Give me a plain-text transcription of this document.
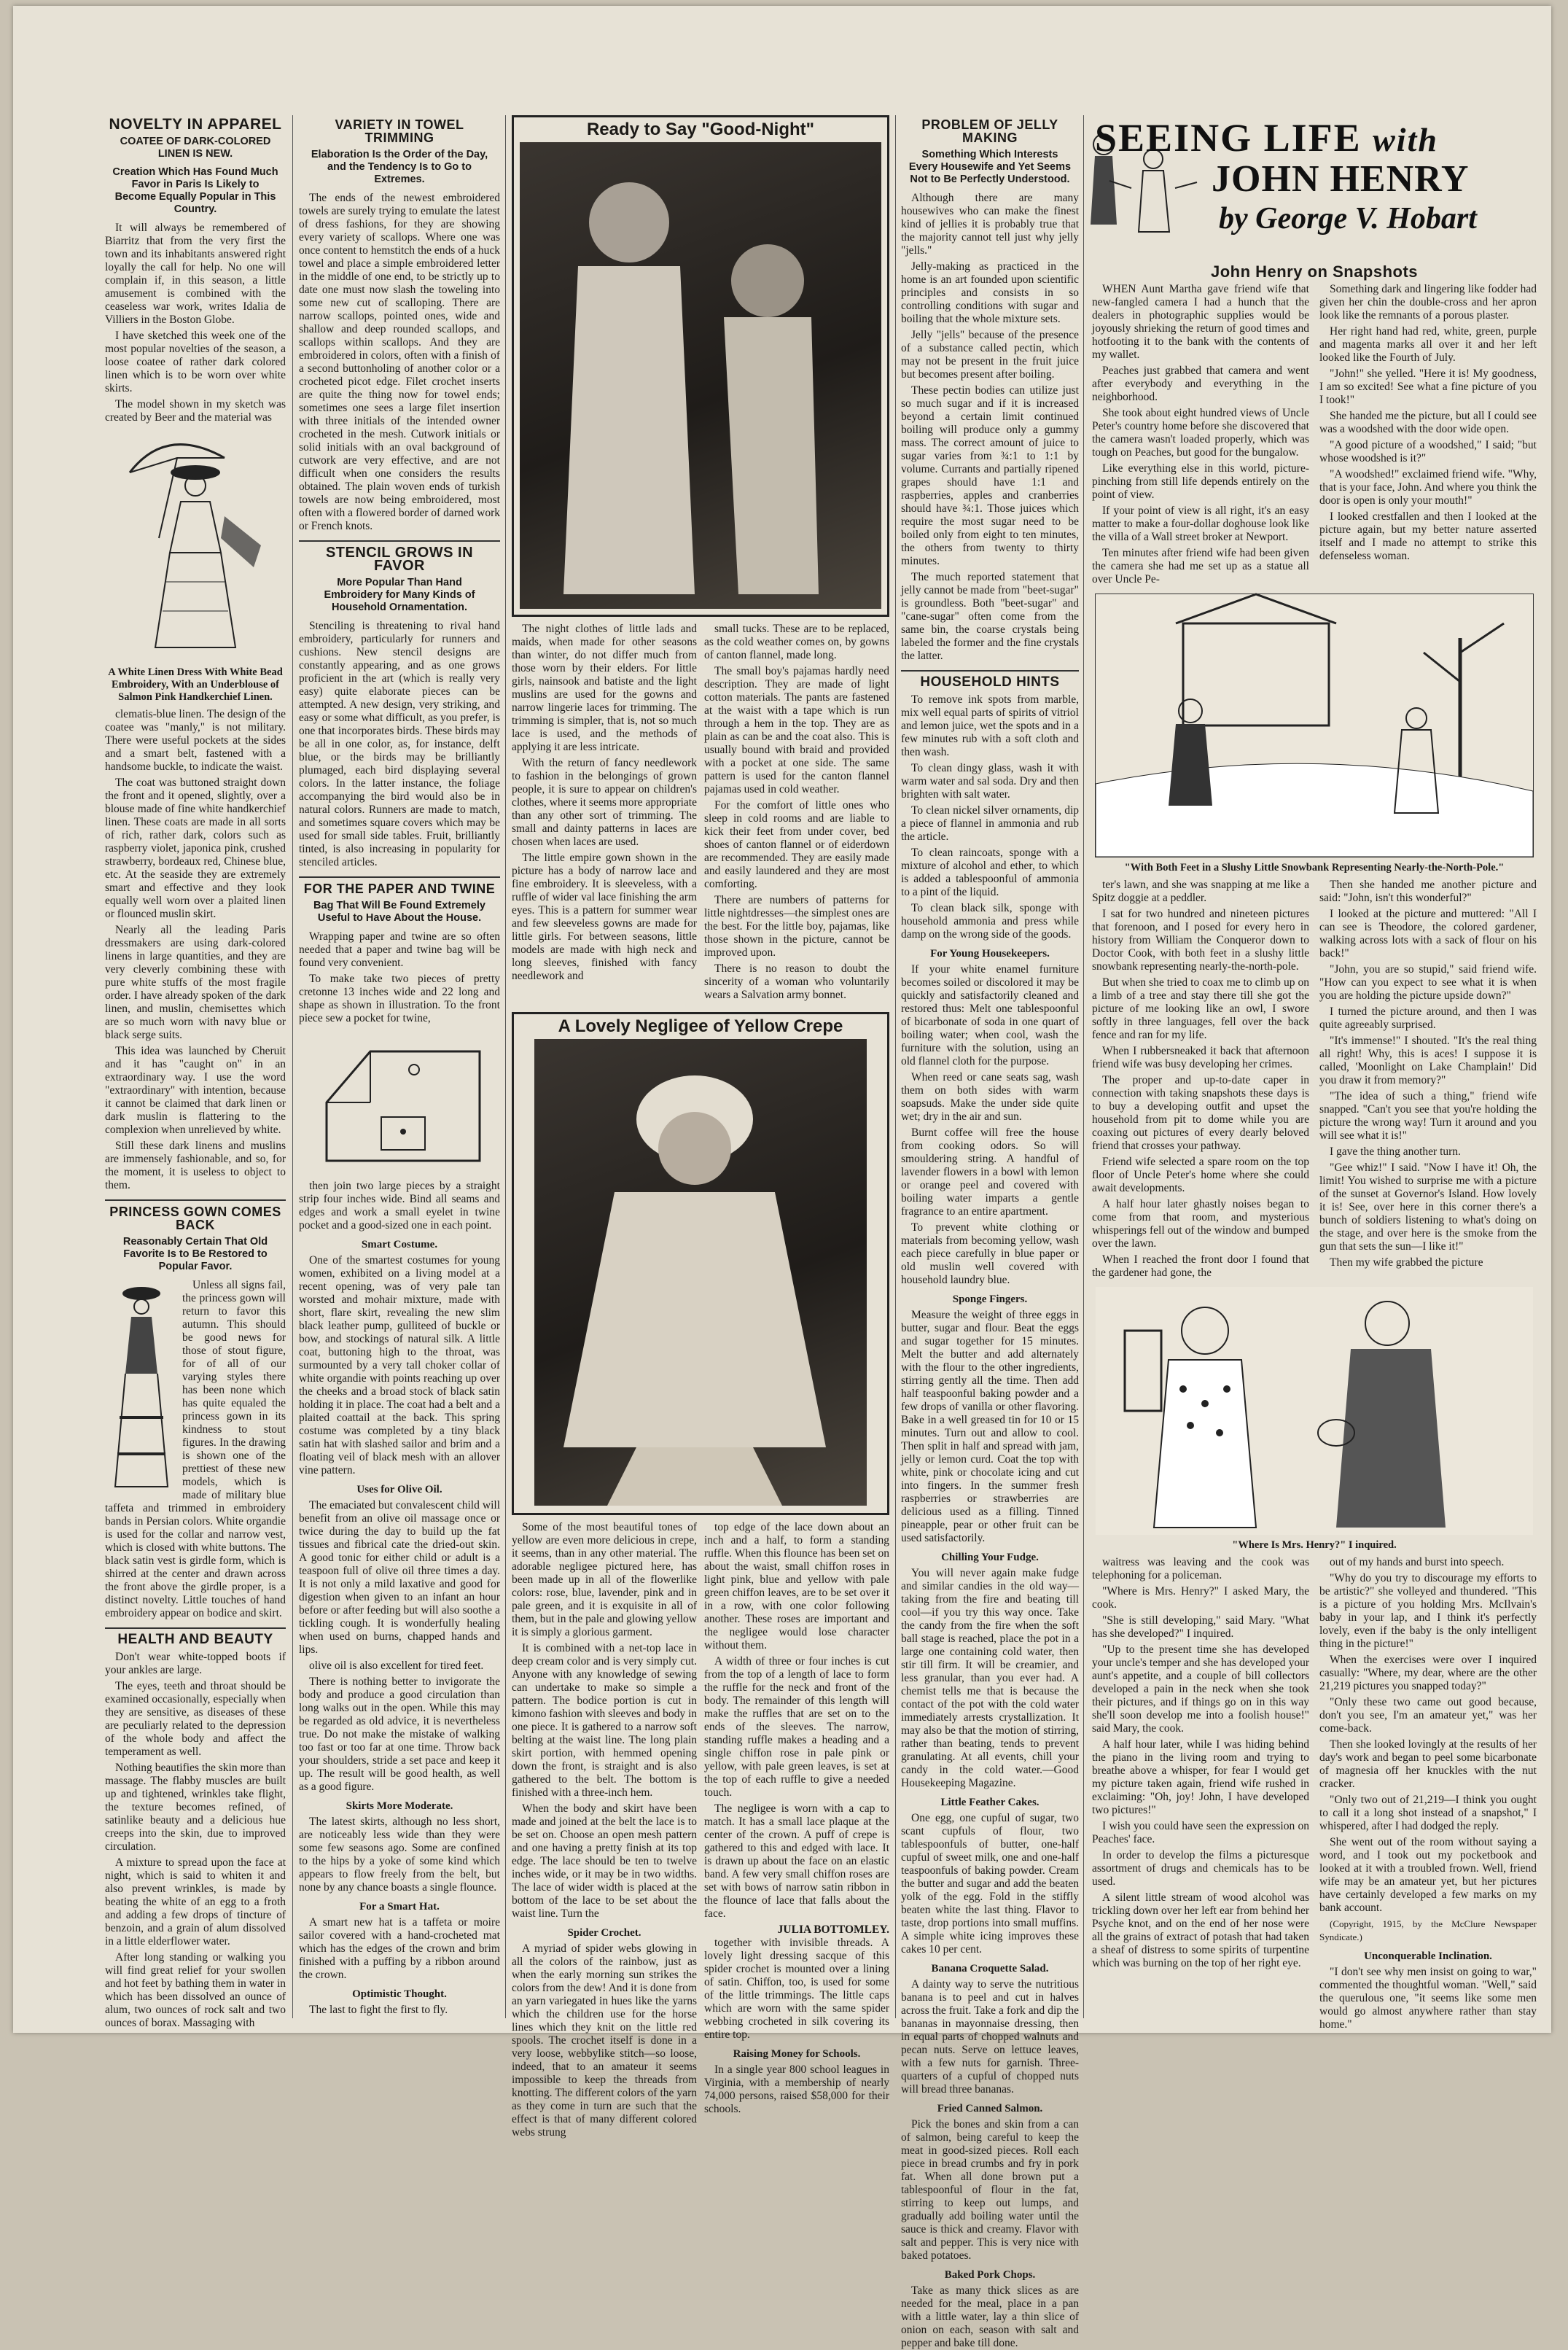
NOVELTY IN APPAREL
COATEE OF DARK-COLORED LINEN IS NEW.
Creation Which Has Found Much Favor in Paris Is Likely to Become Equally Popular in This Country.

It will always be remembered of Biarritz that from the very first the town and its inhabitants answered right loyally the call for help. No one will complain if, in this season, a little amusement is combined with the ceaseless war work, writes Idalia de Villiers in the Boston Globe.

I have sketched this week one of the most popular novelties of the season, a loose coatee of rather dark colored linen which is to be worn over white skirts.

The model shown in my sketch was created by Beer and the material was

A White Linen Dress With White Bead Embroidery, With an Underblouse of Salmon Pink Handkerchief Linen.

clematis-blue linen. The design of the coatee was "manly," is not military. There were useful pockets at the sides and a smart belt, fastened with a handsome buckle, to indicate the waist.

The coat was buttoned straight down the front and it opened, slightly, over a blouse made of fine white handkerchief linen. These coats are made in all sorts of rich, rather dark, colors such as raspberry violet, japonica pink, crushed strawberry, bordeaux red, Chinese blue, etc. At the seaside they are extremely smart and effective and they look equally well worn over a plaited linen or flounced muslin skirt.

Nearly all the leading Paris dressmakers are using dark-colored linens in large quantities, and they are very cleverly combining these with pure white stuffs of the most fragile order. I have already spoken of the dark linen, and muslin, chemisettes which are so much worn with navy blue or black serge suits.

This idea was launched by Cheruit and it has "caught on" in an extraordinary way. I use the word "extraordinary" with intention, because it cannot be claimed that dark linen or dark muslin is flattering to the complexion when unrelieved by white.

Still these dark linens and muslins are immensely fashionable, and so, for the moment, it is useless to object to them.

PRINCESS GOWN COMES BACK
Reasonably Certain That Old Favorite Is to Be Restored to Popular Favor.

Unless all signs fail, the princess gown will return to favor this autumn. This should be good news for those of stout figure, for of all of our varying styles there has been none which has quite equaled the princess gown in its kindness to stout figures. In the drawing is shown one of the prettiest of these new models, which is made of military blue taffeta and trimmed in embroidery bands in Persian colors. White organdie is used for the collar and narrow vest, which is closed with white buttons. The black satin vest is girdle form, which is shirred at the center and drawn across the front above the girdle proper, is a distinct novelty. Little touches of hand embroidery appear on bodice and skirt.

HEALTH AND BEAUTY

Don't wear white-topped boots if your ankles are large.

The eyes, teeth and throat should be examined occasionally, especially when they are sensitive, as diseases of these are peculiarly related to the depression of the whole body and affect the temperament as well.

Nothing beautifies the skin more than massage. The flabby muscles are built up and tightened, wrinkles take flight, the texture becomes refined, of satinlike beauty and a delicious hue creeps into the skin, due to improved circulation.

A mixture to spread upon the face at night, which is said to whiten it and also prevent wrinkles, is made by beating the white of an egg to a froth and adding a few drops of tincture of benzoin, and a grain of alum dissolved in a little elderflower water.

After long standing or walking you will find great relief for your swollen and hot feet by bathing them in water in which has been dissolved an ounce of alum, two ounces of rock salt and two ounces of borax. Massaging with

VARIETY IN TOWEL TRIMMING
Elaboration Is the Order of the Day, and the Tendency Is to Go to Extremes.

The ends of the newest embroidered towels are surely trying to emulate the latest of dress fashions, for they are showing every variety of scallops. Where one was once content to hemstitch the ends of a huck towel and place a simple embroidered letter in the middle of one end, to be strictly up to date one must now slash the toweling into some new cut of scalloping. There are narrow scallops, pointed ones, wide and shallow and deep rounded scallops, and scallops within scallops. And they are embroidered in colors, often with a finish of a second buttonholing of another color or a crocheted picot edge. Filet crochet inserts are quite the thing now for towel ends; sometimes one sees a large filet insertion with three initials of the intended owner crocheted in the mesh. Cutwork initials or solid initials with an oval background of cutwork are very effective, and are not difficult when one considers the results obtained. The plain woven ends of turkish towels are now being embroidered, most often with a flowered border of darned work or French knots.

STENCIL GROWS IN FAVOR
More Popular Than Hand Embroidery for Many Kinds of Household Ornamentation.

Stenciling is threatening to rival hand embroidery, particularly for runners and cushions. New stencil designs are constantly appearing, and as one grows proficient in the art (which is really very easy) quite elaborate pieces can be attempted. A new design, very striking, and easy or some what difficult, as you prefer, is one that incorporates birds. These birds may be all in one color, as, for instance, delft blue, or the birds may be brilliantly plumaged, each bird displaying several colors. In the latter instance, the foliage accompanying the bird would also be in natural colors. Runners are made to match, and sometimes square covers which may be used for small side tables. Fruit, brilliantly tinted, is also increasing in popularity for stenciled articles.

FOR THE PAPER AND TWINE
Bag That Will Be Found Extremely Useful to Have About the House.

Wrapping paper and twine are so often needed that a paper and twine bag will be found very convenient.

To make take two pieces of pretty cretonne 13 inches wide and 22 long and shape as shown in illustration. To the front piece sew a pocket for twine,

then join two large pieces by a straight strip four inches wide. Bind all seams and edges and work a small eyelet in twine pocket and a good-sized one in each point.

Smart Costume.

One of the smartest costumes for young women, exhibited on a living model at a recent opening, was of very pale tan worsted and mohair mixture, made with short, flare skirt, revealing the new slim black leather pump, gulliteed of buckle or bow, and stockings of natural silk. A little coat, buttoning high to the throat, was surmounted by a very tall choker collar of white organdie with points reaching up over the cheeks and a broad stock of black satin holding it in place. The coat had a belt and a plaited coattail at the back. This spring costume was completed by a tiny black satin hat with slashed sailor and brim and a floating veil of black mesh with an allover vine pattern.

Uses for Olive Oil.

The emaciated but convalescent child will benefit from an olive oil massage once or twice during the day to build up the fat tissues and fibrical cate the dried-out skin. A good tonic for either child or adult is a teaspoon full of olive oil three times a day. It is not only a mild laxative and good for digestion when given to an infant an hour before or after feeding but will also soothe a tickling cough. It is wonderfully healing when used on burns, chapped hands and lips.

olive oil is also excellent for tired feet.

There is nothing better to invigorate the body and produce a good circulation than long walks out in the open. While this may be regarded as old advice, it is nevertheless true. Do not make the mistake of walking too fast or too far at one time. Throw back your shoulders, stride a set pace and keep it up. The result will be good health, as well as a good figure.

Skirts More Moderate.

The latest skirts, although no less short, are noticeably less wide than they were some few seasons ago. Some are confined to the hips by a yoke of some kind which appears to flow freely from the belt, but none by any chance boasts a single flounce.

For a Smart Hat.

A smart new hat is a taffeta or moire sailor covered with a hand-crocheted mat which has the edges of the crown and brim finished with a puffing by a ribbon around the crown.

Optimistic Thought.

The last to fight the first to fly.

Ready to Say "Good-Night"

The night clothes of little lads and maids, when made for other seasons than winter, do not differ much from those worn by their elders. For little girls, nainsook and batiste and the light muslins are used for the gowns and narrow lingerie laces for trimming. The trimming is simpler, that is, not so much lace is used, and the methods of applying it are less intricate.

With the return of fancy needlework to fashion in the belongings of grown people, it is sure to appear on children's clothes, where it seems more appropriate than any other sort of trimming. The small and dainty patterns in laces are chosen when laces are used.

The little empire gown shown in the picture has a body of narrow lace and fine embroidery. It is sleeveless, with a ruffle of wider val lace finishing the arm eyes. This is a pattern for summer wear and few sleeveless gowns are made for little girls. For between seasons, little models are made with high neck and long sleeves, finished with fancy needlework and

small tucks. These are to be replaced, as the cold weather comes on, by gowns of canton flannel, made long.

The small boy's pajamas hardly need description. They are made of light cotton materials. The pants are fastened at the waist with a tape which is run through a hem in the top. They are as plain as can be and the coat also. This is usually bound with braid and provided with a pocket at one side. The same pattern is used for the canton flannel pajamas used in cold weather.

For the comfort of little ones who sleep in cold rooms and are liable to kick their feet from under cover, bed shoes of canton flannel or of eiderdown are recommended. They are easily made and easily laundered and they are most comforting.

There are numbers of patterns for little nightdresses—the simplest ones are the best. For the little boy, pajamas, like those shown in the picture, cannot be improved upon.

There is no reason to doubt the sincerity of a woman who voluntarily wears a Salvation army bonnet.

A Lovely Negligee of Yellow Crepe

Some of the most beautiful tones of yellow are even more delicious in crepe, it seems, than in any other material. The adorable negligee pictured here, has been made up in all of the flowerlike colors: rose, blue, lavender, pink and in pale green, and it is exquisite in all of them, but in the pale and glowing yellow it is simply a glorious garment.

It is combined with a net-top lace in deep cream color and is very simply cut. Anyone with any knowledge of sewing can undertake to make so simple a pattern. The bodice portion is cut in kimono fashion with sleeves and body in one piece. It is gathered to a narrow soft belting at the waist line. The long plain skirt portion, with hemmed opening down the front, is straight and is also gathered to the belt. The bottom is finished with a three-inch hem.

When the body and skirt have been made and joined at the belt the lace is to be set on. Choose an open mesh pattern and one having a pretty finish at its top edge. The lace should be ten to twelve inches wide, or it may be in two widths. The lace of wider width is placed at the bottom of the lace to be set about the waist line. Turn the

Spider Crochet.

A myriad of spider webs glowing in all the colors of the rainbow, just as when the early morning sun strikes the colors from the dew! And it is done from an yarn variegated in hues like the yarns which the children use for the horse lines which they knit on the little red spools. The crochet itself is done in a very loose, webbylike stitch—so loose, indeed, that to an amateur it seems impossible to keep the threads from knotting. The different colors of the yarn as they come in turn are such that the effect is that of many different colored webs strung

top edge of the lace down about an inch and a half, to form a standing ruffle. When this flounce has been set on about the waist, small chiffon roses in light pink, blue and yellow with pale green chiffon leaves, are to be set over it in a row, with one color following another. These roses are important and the negligee would lose character without them.

A width of three or four inches is cut from the top of a length of lace to form the ruffle for the neck and front of the body. The remainder of this length will make the ruffles that are set on to the ends of the sleeves. The narrow, standing ruffle makes a heading and a single chiffon rose in pale pink or yellow, with pale green leaves, is set at the top of each ruffle to give a needed touch.

The negligee is worn with a cap to match. It has a small lace plaque at the center of the crown. A puff of crepe is gathered to this and edged with lace. It is drawn up about the face on an elastic band. A few very small chiffon roses are set with bows of narrow satin ribbon in the flounce of lace that falls about the face.

JULIA BOTTOMLEY.

together with invisible threads. A lovely light dressing sacque of this spider crochet is mounted over a lining of satin. Chiffon, too, is used for some of the little trimmings. The little caps which are worn with the same spider webbing crocheted in silk covering its entire top.

Raising Money for Schools.

In a single year 800 school leagues in Virginia, with a membership of nearly 74,000 persons, raised $58,000 for their schools.

PROBLEM OF JELLY MAKING
Something Which Interests Every Housewife and Yet Seems Not to Be Perfectly Understood.

Although there are many housewives who can make the finest kind of jellies it is probably true that the majority cannot tell just why jelly "jells."

Jelly-making as practiced in the home is an art founded upon scientific principles and consists in so controlling conditions with sugar and boiling that the whole mixture sets.

Jelly "jells" because of the presence of a substance called pectin, which may not be present in the fruit juice but becomes present after boiling.

These pectin bodies can utilize just so much sugar and if it is increased beyond a certain limit continued boiling will produce only a gummy mass. The correct amount of juice to sugar varies from ¾:1 to 1:1 by volume. Currants and partially ripened grapes should have 1:1 and raspberries, apples and cranberries should have ¾:1. Those juices which require the most sugar need to be boiled only from eight to ten minutes, the others from twenty to thirty minutes.

The much reported statement that jelly cannot be made from "beet-sugar" is groundless. Both "beet-sugar" and "cane-sugar" often come from the same bin, the coarse crystals being labeled the former and the fine crystals the latter.

HOUSEHOLD HINTS

To remove ink spots from marble, mix well equal parts of spirits of vitriol and lemon juice, wet the spots and in a few minutes rub with a soft cloth and then wash.

To clean dingy glass, wash it with warm water and sal soda. Dry and then brighten with salt water.

To clean nickel silver ornaments, dip a piece of flannel in ammonia and rub the article.

To clean raincoats, sponge with a mixture of alcohol and ether, to which is added a tablespoonful of ammonia to a pint of the liquid.

To clean black silk, sponge with household ammonia and press while damp on the wrong side of the goods.

For Young Housekeepers.

If your white enamel furniture becomes soiled or discolored it may be quickly and satisfactorily cleaned and restored thus: Melt one tablespoonful of bicarbonate of soda in one quart of boiling water; when cool, wash the furniture with the solution, using an old flannel cloth for the purpose.

When reed or cane seats sag, wash them on both sides with warm soapsuds. Make the under side quite wet; dry in the air and sun.

Burnt coffee will free the house from cooking odors. So will smouldering string. A handful of lavender flowers in a bowl with lemon or orange peel and covered with boiling water imparts a gentle fragrance to an entire apartment.

To prevent white clothing or materials from becoming yellow, wash each piece carefully in blue paper or old muslin well covered with household laundry blue.

Sponge Fingers.

Measure the weight of three eggs in butter, sugar and flour. Beat the eggs and sugar together for 15 minutes. Melt the butter and add alternately with the flour to the other ingredients, stirring gently all the time. Then add half teaspoonful baking powder and a few drops of vanilla or other flavoring. Bake in a well greased tin for 10 or 15 minutes. Turn out and allow to cool. Then split in half and spread with jam, jelly or lemon curd. Coat the top with white, pink or chocolate icing and cut into fingers. In the summer fresh raspberries or strawberries are delicious used as a filling. Tinned pineapple, pear or other fruit can be used satisfactorily.

Chilling Your Fudge.

You will never again make fudge and similar candies in the old way—taking from the fire and beating till cool—if you try this way once. Take the candy from the fire when the soft ball stage is reached, place the pot in a large one containing cold water, then stir till firm. It will be creamier, and less granular, than you ever had. A chemist tells me that is because the contact of the pot with the cold water immediately arrests crystallization. It may also be that the motion of stirring, rather than beating, tends to prevent granulating. At all events, chill your candy in the cold water.—Good Housekeeping Magazine.

Little Feather Cakes.

One egg, one cupful of sugar, two scant cupfuls of flour, two tablespoonfuls of butter, one-half cupful of sweet milk, one and one-half teaspoonfuls of baking powder. Cream the butter and sugar and add the beaten yolk of the egg. Fold in the stiffly beaten white the last thing. Flavor to taste, drop portions into small muffins. A simple white icing improves these cakes 10 per cent.

Banana Croquette Salad.

A dainty way to serve the nutritious banana is to peel and cut in halves across the fruit. Take a fork and dip the bananas in mayonnaise dressing, then in equal parts of chopped walnuts and pecan nuts. Serve on lettuce leaves, with a few nuts for garnish. Three-quarters of a cupful of chopped nuts will bread three bananas.

Fried Canned Salmon.

Pick the bones and skin from a can of salmon, being careful to keep the meat in good-sized pieces. Roll each piece in bread crumbs and fry in pork fat. When all done brown put a tablespoonful of flour in the fat, stirring to keep out lumps, and gradually add boiling water until the sauce is thick and creamy. Flavor with salt and pepper. This is very nice with baked potatoes.

Baked Pork Chops.

Take as many thick slices as are needed for the meal, place in a pan with a little water, lay a thin slice of onion on each, season with salt and pepper and bake till done.

SEEING LIFE with
JOHN HENRY
by George V. Hobart
John Henry on Snapshots

WHEN Aunt Martha gave friend wife that new-fangled camera I had a hunch that the dealers in photographic supplies would be joyously shrieking the return of good times and hotfooting it to the bank with the contents of my wallet.

Peaches just grabbed that camera and went after everybody and everything in the neighborhood.

She took about eight hundred views of Uncle Peter's country home before she discovered that the camera wasn't loaded properly, which was tough on Peaches, but good for the bungalow.

Like everything else in this world, picture-pinching from still life depends entirely on the point of view.

If your point of view is all right, it's an easy matter to make a four-dollar doghouse look like the villa of a Wall street broker at Newport.

Ten minutes after friend wife had been given the camera she had me set up as a statue all over Uncle Pe-

Something dark and lingering like fodder had given her chin the double-cross and her apron look like the remnants of a porous plaster.

Her right hand had red, white, green, purple and magenta marks all over it and her left looked like the Fourth of July.

"John!" she yelled. "Here it is! My goodness, I am so excited! See what a fine picture of you I took!"

She handed me the picture, but all I could see was a woodshed with the door wide open.

"A good picture of a woodshed," I said; "but whose woodshed is it?"

"A woodshed!" exclaimed friend wife. "Why, that is your face, John. And where you think the door is open is only your mouth!"

I looked crestfallen and then I looked at the picture again, but my better nature asserted itself and I made no attempt to strike this defenseless woman.

"With Both Feet in a Slushy Little Snowbank Representing Nearly-the-North-Pole."

ter's lawn, and she was snapping at me like a Spitz doggie at a peddler.

I sat for two hundred and nineteen pictures that forenoon, and I posed for every hero in history from William the Conqueror down to Doctor Cook, with both feet in a slushy little snowbank representing nearly-the-north-pole.

But when she tried to coax me to climb up on a limb of a tree and stay there till she got the picture of me looking like an owl, I swore softly in three languages, fell over the back fence and ran for my life.

When I rubbersneaked it back that afternoon friend wife was busy developing her crimes.

The proper and up-to-date caper in connection with taking snapshots these days is to buy a developing outfit and upset the household from pit to dome while you are coaxing out pictures of every dearly beloved friend that crosses your pathway.

Friend wife selected a spare room on the top floor of Uncle Peter's home where she could await developments.

A half hour later ghastly noises began to come from that room, and mysterious whisperings fell out of the window and bumped over the lawn.

When I reached the front door I found that the gardener had gone, the

Then she handed me another picture and said: "John, isn't this wonderful?"

I looked at the picture and muttered: "All I can see is Theodore, the colored gardener, walking across lots with a sack of flour on his back!"

"John, you are so stupid," said friend wife. "How can you expect to see what it is when you are holding the picture upside down?"

I turned the picture around, and then I was quite agreeably surprised.

"It's immense!" I shouted. "It's the real thing all right! Why, this is aces! I suppose it is called, 'Moonlight on Lake Champlain!' Did you draw it from memory?"

"The idea of such a thing," friend wife snapped. "Can't you see that you're holding the picture the wrong way! Turn it around and you will see what it is!"

I gave the thing another turn.

"Gee whiz!" I said. "Now I have it! Oh, the limit! You wished to surprise me with a picture of the sunset at Governor's Island. How lovely it is! See, over here in this corner there's a bunch of soldiers listening to what's doing on the stage, and over here is the smoke from the gun that sets the sun—I like it!"

Then my wife grabbed the picture

"Where Is Mrs. Henry?" I inquired.

waitress was leaving and the cook was telephoning for a policeman.

"Where is Mrs. Henry?" I asked Mary, the cook.

"She is still developing," said Mary. "What has she developed?" I inquired.

"Up to the present time she has developed your uncle's temper and she has developed your aunt's appetite, and a couple of bill collectors developed a pain in the neck when she took their pictures, and if things go on in this way she'll soon develop me into a foolish house!" said Mary, the cook.

A half hour later, while I was hiding behind the piano in the living room and trying to breathe above a whisper, for fear I would get my picture taken again, friend wife rushed in exclaiming: "Oh, joy! John, I have developed two pictures!"

I wish you could have seen the expression on Peaches' face.

In order to develop the films a picturesque assortment of drugs and chemicals has to be used.

A silent little stream of wood alcohol was trickling down over her left ear from behind her Psyche knot, and on the end of her nose were all the grains of extract of potash that had taken a sheaf of distress to some spirits of turpentine which was burning on the top of her right eye.

out of my hands and burst into speech.

"Why do you try to discourage my efforts to be artistic?" she volleyed and thundered. "This is a picture of you holding Mrs. McIlvain's baby in your lap, and I think it's perfectly lovely, even if the baby is the only intelligent thing in the picture!"

When the exercises were over I inquired casually: "Where, my dear, where are the other 21,219 pictures you snapped today?"

"Only these two came out good because, don't you see, I'm an amateur yet," was her come-back.

Then she looked lovingly at the results of her day's work and began to peel some bicarbonate of magnesia off her knuckles with the nut cracker.

"Only two out of 21,219—I think you ought to call it a long shot instead of a snapshot," I whispered, after I had dodged the reply.

She went out of the room without saying a word, and I took out my pocketbook and looked at it with a troubled frown. Well, friend wife may be an amateur yet, but her pictures have certainly developed a few marks on my bank account.

(Copyright, 1915, by the McClure Newspaper Syndicate.)

Unconquerable Inclination.

"I don't see why men insist on going to war," commented the thoughtful woman. "Well," said the querulous one, "it seems like some men would go almost anywhere rather than stay home."
